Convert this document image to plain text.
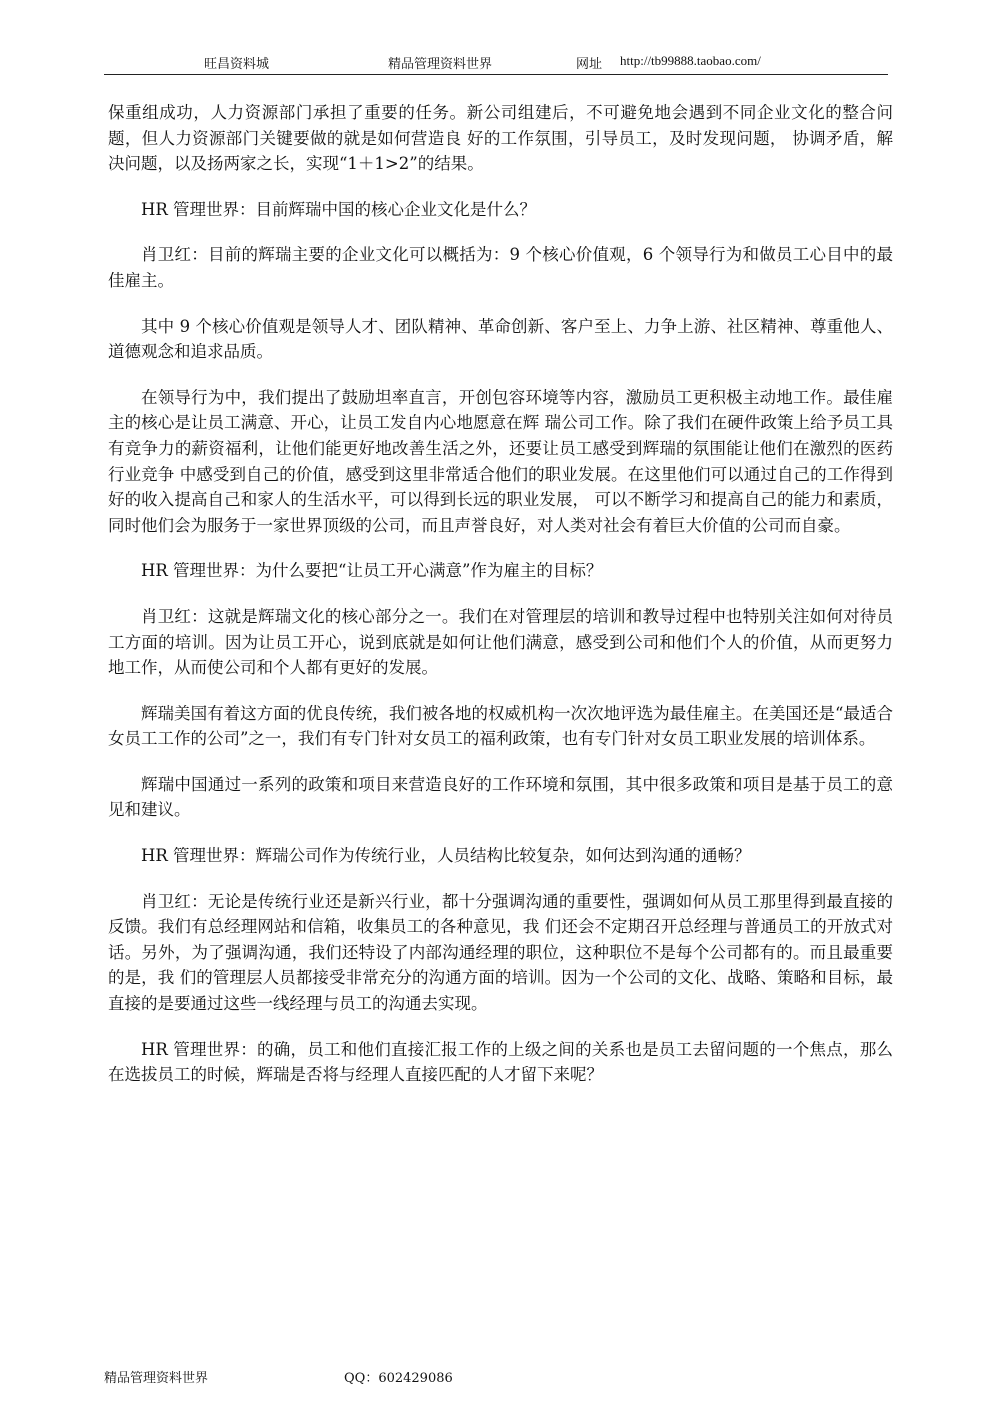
旺昌资料城	精品管理资料世界	网址 http://tb99888.taobao.com/

保重组成功，人力资源部门承担了重要的任务。新公司组建后，不可避免地会遇到不同企业文化的整合问题，但人力资源部门关键要做的就是如何营造良 好的工作氛围，引导员工，及时发现问题， 协调矛盾，解决问题，以及扬两家之长，实现“1＋1>2”的结果。

HR 管理世界：目前辉瑞中国的核心企业文化是什么？

肖卫红：目前的辉瑞主要的企业文化可以概括为：9 个核心价值观，6 个领导行为和做员工心目中的最佳雇主。

其中 9 个核心价值观是领导人才、团队精神、革命创新、客户至上、力争上游、社区精神、尊重他人、道德观念和追求品质。

在领导行为中，我们提出了鼓励坦率直言，开创包容环境等内容，激励员工更积极主动地工作。最佳雇主的核心是让员工满意、开心，让员工发自内心地愿意在辉 瑞公司工作。除了我们在硬件政策上给予员工具有竞争力的薪资福利，让他们能更好地改善生活之外，还要让员工感受到辉瑞的氛围能让他们在激烈的医药行业竞争 中感受到自己的价值，感受到这里非常适合他们的职业发展。在这里他们可以通过自己的工作得到好的收入提高自己和家人的生活水平，可以得到长远的职业发展， 可以不断学习和提高自己的能力和素质，同时他们会为服务于一家世界顶级的公司，而且声誉良好，对人类对社会有着巨大价值的公司而自豪。

HR 管理世界：为什么要把“让员工开心满意”作为雇主的目标？

肖卫红：这就是辉瑞文化的核心部分之一。我们在对管理层的培训和教导过程中也特别关注如何对待员工方面的培训。因为让员工开心，说到底就是如何让他们满意，感受到公司和他们个人的价值，从而更努力地工作，从而使公司和个人都有更好的发展。

辉瑞美国有着这方面的优良传统，我们被各地的权威机构一次次地评选为最佳雇主。在美国还是“最适合女员工工作的公司”之一，我们有专门针对女员工的福利政策，也有专门针对女员工职业发展的培训体系。

辉瑞中国通过一系列的政策和项目来营造良好的工作环境和氛围，其中很多政策和项目是基于员工的意见和建议。

HR 管理世界：辉瑞公司作为传统行业，人员结构比较复杂，如何达到沟通的通畅？

肖卫红：无论是传统行业还是新兴行业，都十分强调沟通的重要性，强调如何从员工那里得到最直接的反馈。我们有总经理网站和信箱，收集员工的各种意见，我 们还会不定期召开总经理与普通员工的开放式对话。另外，为了强调沟通，我们还特设了内部沟通经理的职位，这种职位不是每个公司都有的。而且最重要的是，我 们的管理层人员都接受非常充分的沟通方面的培训。因为一个公司的文化、战略、策略和目标，最直接的是要通过这些一线经理与员工的沟通去实现。

HR 管理世界：的确，员工和他们直接汇报工作的上级之间的关系也是员工去留问题的一个焦点，那么在选拔员工的时候，辉瑞是否将与经理人直接匹配的人才留下来呢？

精品管理资料世界	QQ：602429086
